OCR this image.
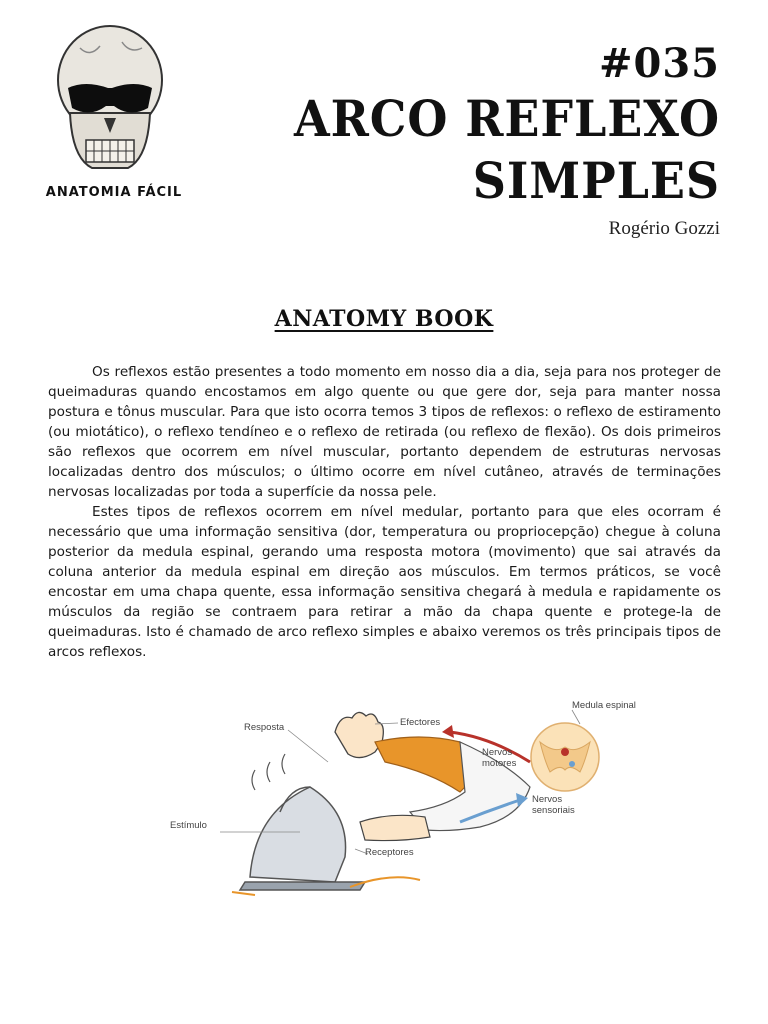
ANATOMIA FÁCIL
#035
ARCO REFLEXO
SIMPLES
Rogério Gozzi
ANATOMY BOOK

Os reflexos estão presentes a todo momento em nosso dia a dia, seja para nos proteger de queimaduras quando encostamos em algo quente ou que gere dor, seja para manter nossa postura e tônus muscular. Para que isto ocorra temos 3 tipos de reflexos: o reflexo de estiramento (ou miotático), o reflexo tendíneo e o reflexo de retirada (ou reflexo de flexão). Os dois primeiros são reflexos que ocorrem em nível muscular, portanto dependem de estruturas nervosas localizadas dentro dos músculos; o último ocorre em nível cutâneo, através de terminações nervosas localizadas por toda a superfície da nossa pele.

Estes tipos de reflexos ocorrem em nível medular, portanto para que eles ocorram é necessário que uma informação sensitiva (dor, temperatura ou propriocepção) chegue à coluna posterior da medula espinal, gerando uma resposta motora (movimento) que sai através da coluna anterior da medula espinal em direção aos músculos. Em termos práticos, se você encostar em uma chapa quente, essa informação sensitiva chegará à medula e rapidamente os músculos da região se contraem para retirar a mão da chapa quente e protege-la de queimaduras. Isto é chamado de arco reflexo simples e abaixo veremos os três principais tipos de arcos reflexos.

Resposta	Efectores
Medula espinal
Nervos motores
Nervos sensoriais
Estímulo
Receptores
